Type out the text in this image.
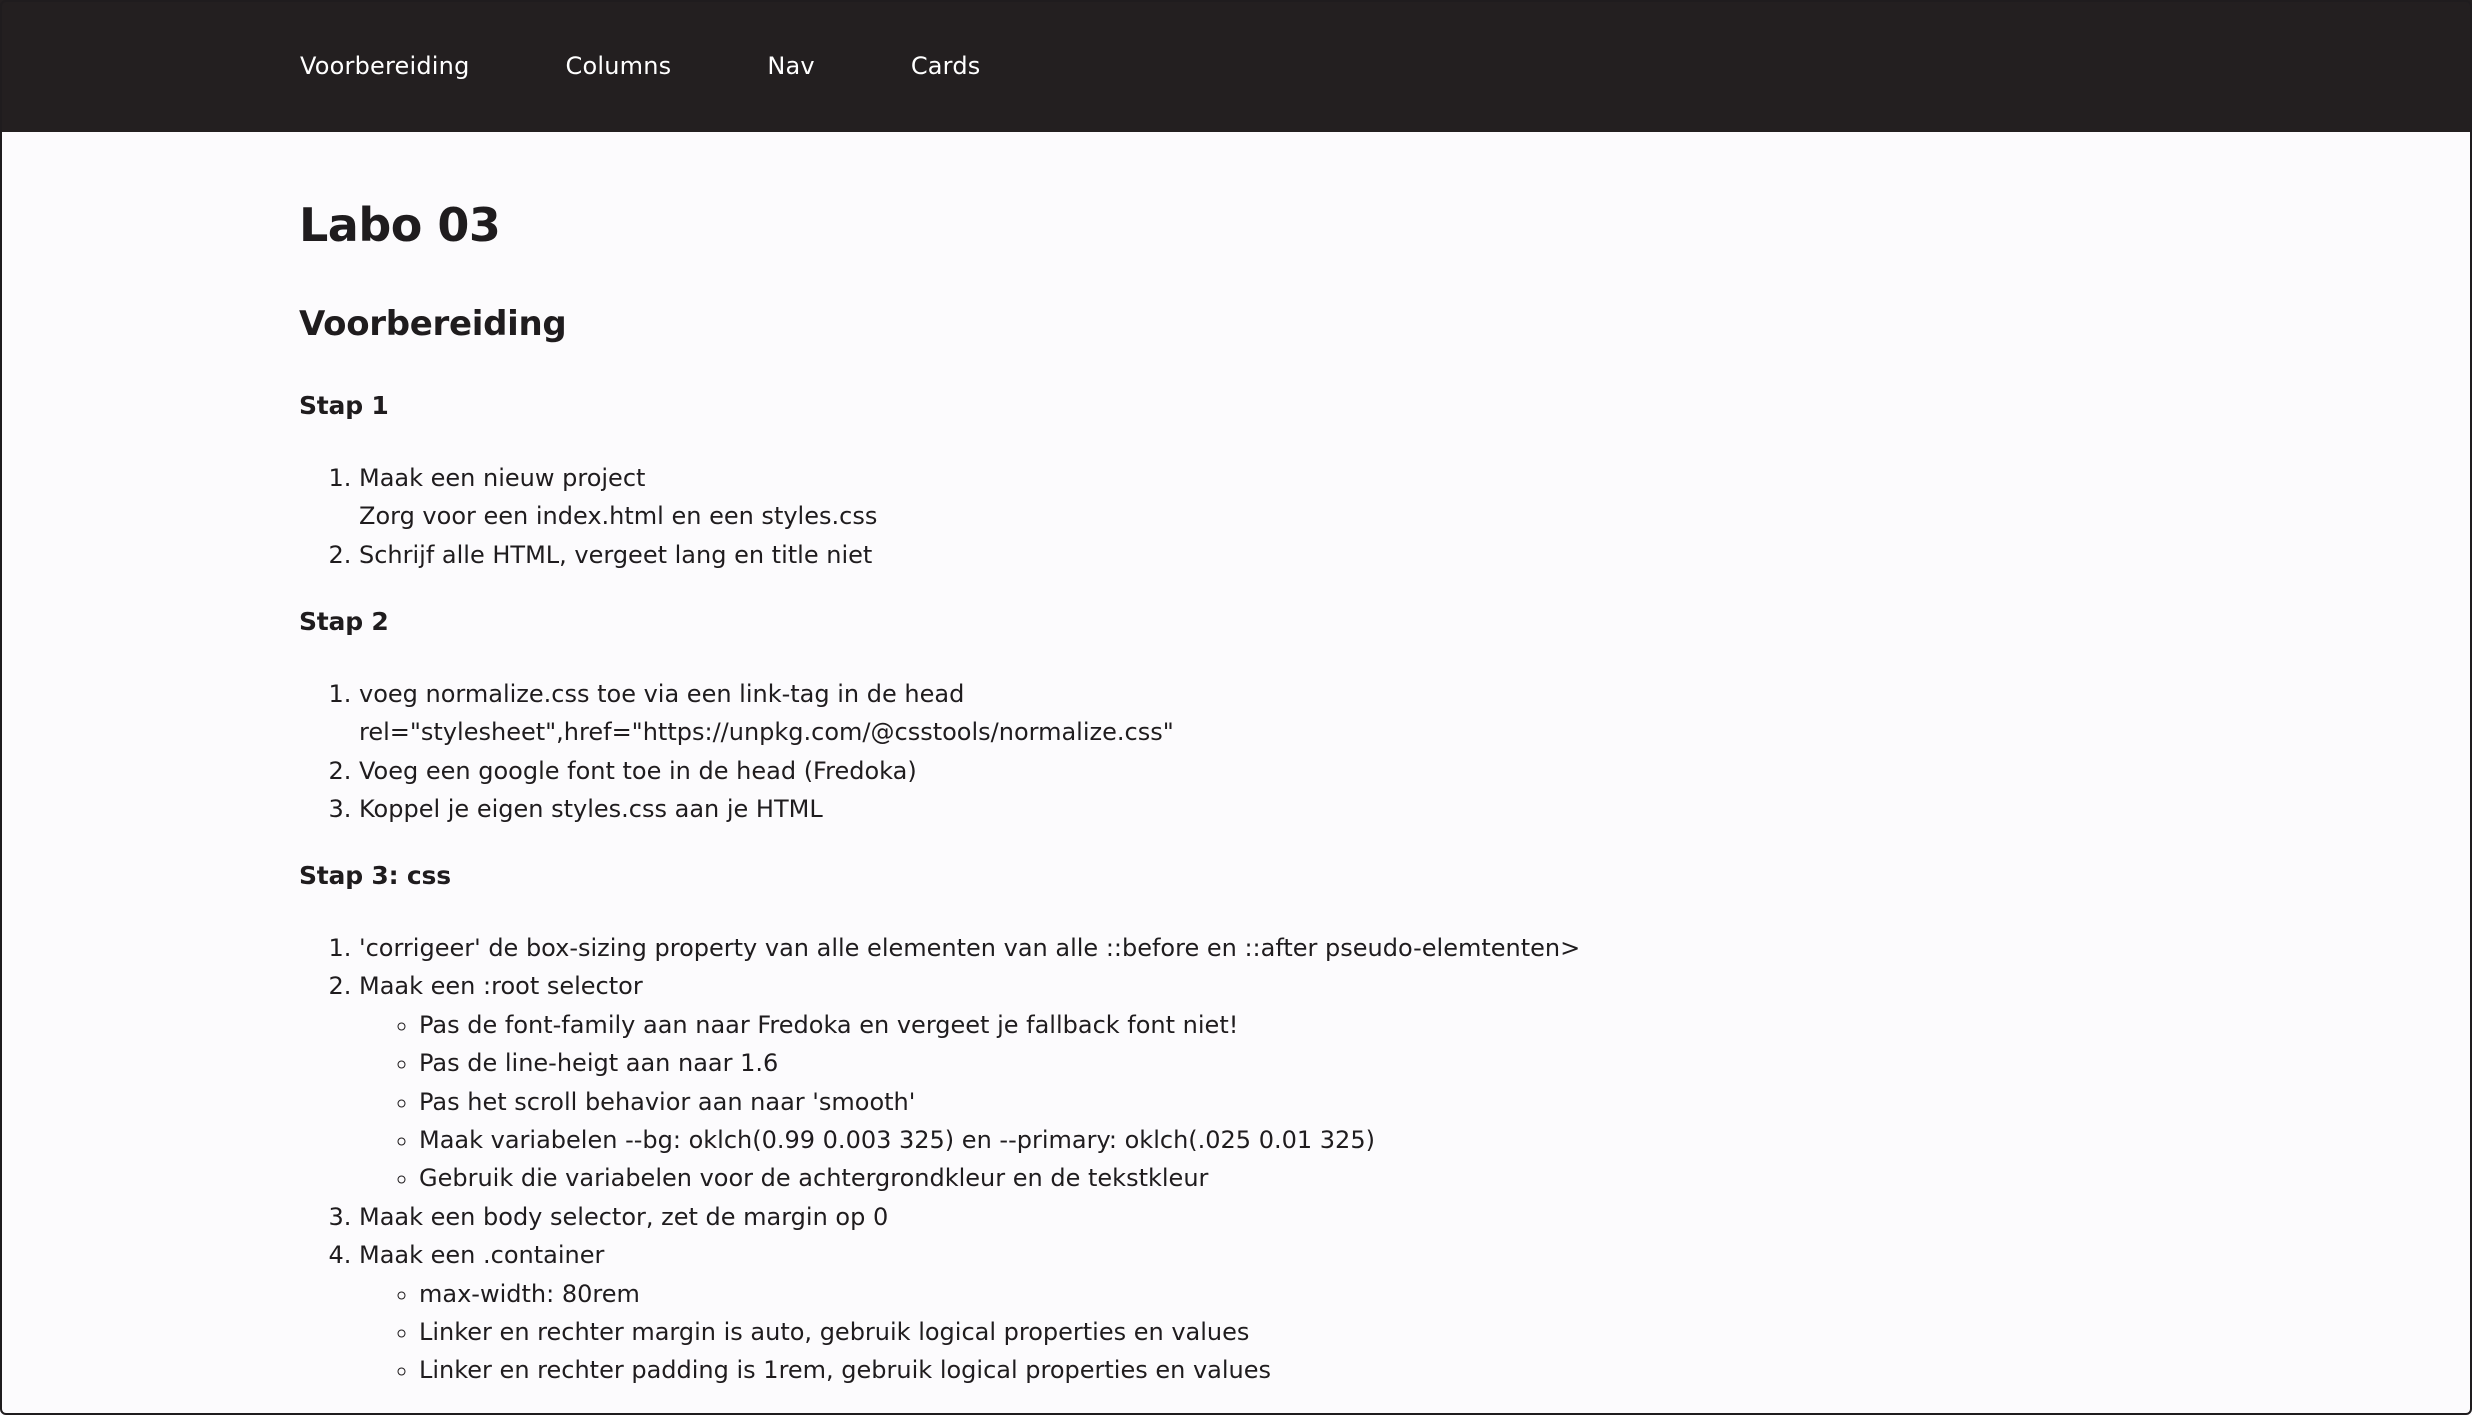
Voorbereiding	Columns	Nav	Cards
Labo 03
Voorbereiding
Stap 1
1. Maak een nieuw project
Zorg voor een index.html en een styles.css
2. Schrijf alle HTML, vergeet lang en title niet
Stap 2
1. voeg normalize.css toe via een link-tag in de head
rel="stylesheet",href="https://unpkg.com/@csstools/normalize.css"
2. Voeg een google font toe in de head (Fredoka)
3. Koppel je eigen styles.css aan je HTML
Stap 3: css
1. 'corrigeer' de box-sizing property van alle elementen van alle ::before en ::after pseudo-elemtenten>
2. Maak een :root selector
◦ Pas de font-family aan naar Fredoka en vergeet je fallback font niet!
◦ Pas de line-heigt aan naar 1.6
◦ Pas het scroll behavior aan naar 'smooth'
◦ Maak variabelen --bg: oklch(0.99 0.003 325) en --primary: oklch(.025 0.01 325)
◦ Gebruik die variabelen voor de achtergrondkleur en de tekstkleur
3. Maak een body selector, zet de margin op 0
4. Maak een .container
◦ max-width: 80rem
◦ Linker en rechter margin is auto, gebruik logical properties en values
◦ Linker en rechter padding is 1rem, gebruik logical properties en values
